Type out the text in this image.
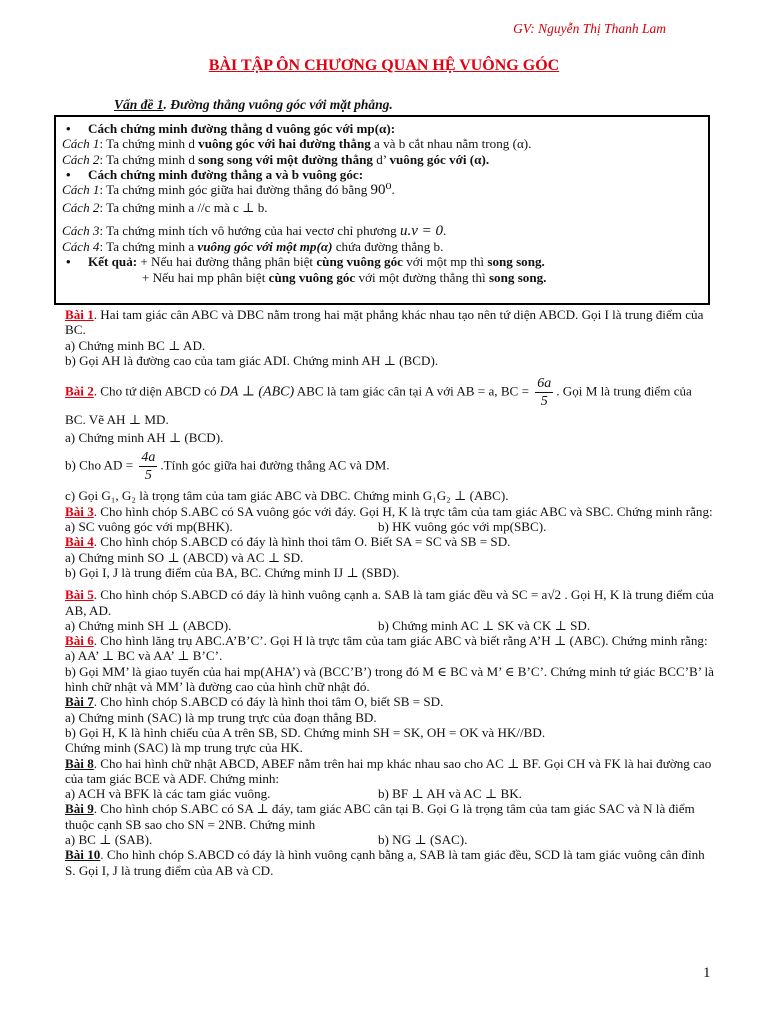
GV: Nguyễn Thị Thanh Lam
BÀI TẬP ÔN CHƯƠNG QUAN HỆ VUÔNG GÓC
Vấn đề 1. Đường thẳng vuông góc với mặt phẳng.

• Cách chứng minh đường thẳng d vuông góc với mp(α):

Cách 1: Ta chứng minh d vuông góc với hai đường thẳng a và b cắt nhau nằm trong (α).

Cách 2: Ta chứng minh d song song với một đường thẳng d’ vuông góc với (α).

• Cách chứng minh đường thẳng a và b vuông góc:

Cách 1: Ta chứng minh góc giữa hai đường thẳng đó bằng 90⁰.

Cách 2: Ta chứng minh a //c mà c ⊥ b.

Cách 3: Ta chứng minh tích vô hướng của hai vectơ chỉ phương u.v = 0.

Cách 4: Ta chứng minh a vuông góc với một mp(α) chứa đường thẳng b.

• Kết quả: + Nếu hai đường thẳng phân biệt cùng vuông góc với một mp thì song song.

+ Nếu hai mp phân biệt cùng vuông góc với một đường thẳng thì song song.

Bài 1. Hai tam giác cân ABC và DBC nằm trong hai mặt phẳng khác nhau tạo nên tứ diện ABCD. Gọi I là trung điểm của BC.

a) Chứng minh BC ⊥ AD.

b) Gọi AH là đường cao của tam giác ADI. Chứng minh AH ⊥ (BCD).

Bài 2. Cho tứ diện ABCD có DA ⊥ (ABC) ABC là tam giác cân tại A với AB = a, BC = $\frac{6a}{5}$ . Gọi M là trung điểm của BC. Vẽ AH ⊥ MD.

a) Chứng minh AH ⊥ (BCD).

b) Cho AD = $\frac{4a}{5}$ .Tính góc giữa hai đường thẳng AC và DM.

c) Gọi G₁, G₂ là trọng tâm của tam giác ABC và DBC. Chứng minh G₁G₂ ⊥ (ABC).

Bài 3. Cho hình chóp S.ABC có SA vuông góc với đáy. Gọi H, K là trực tâm của tam giác ABC và SBC. Chứng minh rằng:

a) SC vuông góc với mp(BHK).	b) HK vuông góc với mp(SBC).

Bài 4. Cho hình chóp S.ABCD có đáy là hình thoi tâm O. Biết SA = SC và SB = SD.

a) Chứng minh SO ⊥ (ABCD) và AC ⊥ SD.

b) Gọi I, J là trung điểm của BA, BC. Chứng minh IJ ⊥ (SBD).

Bài 5. Cho hình chóp S.ABCD có đáy là hình vuông cạnh a. SAB là tam giác đều và SC = a√2 . Gọi H, K là trung điểm của AB, AD.

a) Chứng minh SH ⊥ (ABCD).	b) Chứng minh AC ⊥ SK và CK ⊥ SD.

Bài 6. Cho hình lăng trụ ABC.A’B’C’. Gọi H là trực tâm của tam giác ABC và biết rằng A’H ⊥ (ABC). Chứng minh rằng:

a) AA’ ⊥ BC và AA’ ⊥ B’C’.

b) Gọi MM’ là giao tuyến của hai mp(AHA’) và (BCC’B’) trong đó M ∈ BC và M’ ∈ B’C’. Chứng minh tứ giác BCC’B’ là hình chữ nhật và MM’ là đường cao của hình chữ nhật đó.

Bài 7. Cho hình chóp S.ABCD có đáy là hình thoi tâm O, biết SB = SD.

a) Chứng minh (SAC) là mp trung trực của đoạn thẳng BD.

b) Gọi H, K là hình chiếu của A trên SB, SD. Chứng minh SH = SK, OH = OK và HK//BD.

Chứng minh (SAC) là mp trung trực của HK.

Bài 8. Cho hai hình chữ nhật ABCD, ABEF nằm trên hai mp khác nhau sao cho AC ⊥ BF. Gọi CH và FK là hai đường cao của tam giác BCE và ADF. Chứng minh:

a) ACH và BFK là các tam giác vuông.	b) BF ⊥ AH và AC ⊥ BK.

Bài 9. Cho hình chóp S.ABC có SA ⊥ đáy, tam giác ABC cân tại B. Gọi G là trọng tâm của tam giác SAC và N là điểm thuộc cạnh SB sao cho SN = 2NB. Chứng minh

a) BC ⊥ (SAB).	b) NG ⊥ (SAC).

Bài 10. Cho hình chóp S.ABCD có đáy là hình vuông cạnh bằng a, SAB là tam giác đều, SCD là tam giác vuông cân đỉnh S. Gọi I, J là trung điểm của AB và CD.

1
